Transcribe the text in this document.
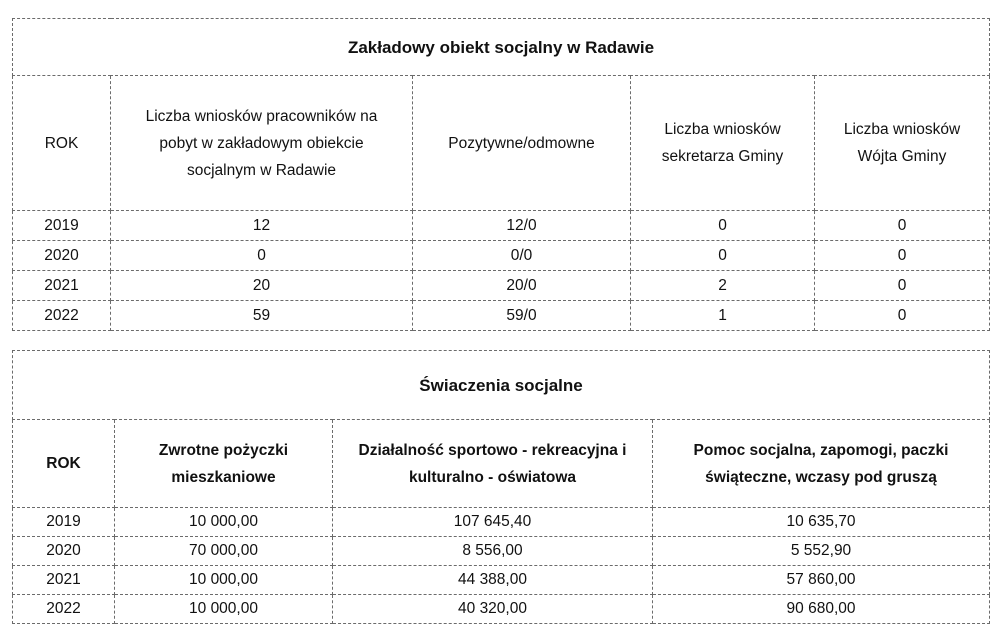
Zakładowy obiekt socjalny w Radawie				
ROK	Liczba wniosków pracowników na pobyt w zakładowym obiekcie socjalnym w Radawie	Pozytywne/odmowne	Liczba wniosków sekretarza Gminy	Liczba wniosków Wójta Gminy
2019	12	12/0	0	0
2020	0	0/0	0	0
2021	20	20/0	2	0
2022	59	59/0	1	0
Świaczenia socjalne			
ROK	Zwrotne pożyczki mieszkaniowe	Działalność sportowo - rekreacyjna i kulturalno - oświatowa	Pomoc socjalna, zapomogi, paczki świąteczne, wczasy pod gruszą
2019	10 000,00	107 645,40	10 635,70
2020	70 000,00	8 556,00	5 552,90
2021	10 000,00	44 388,00	57 860,00
2022	10 000,00	40 320,00	90 680,00
